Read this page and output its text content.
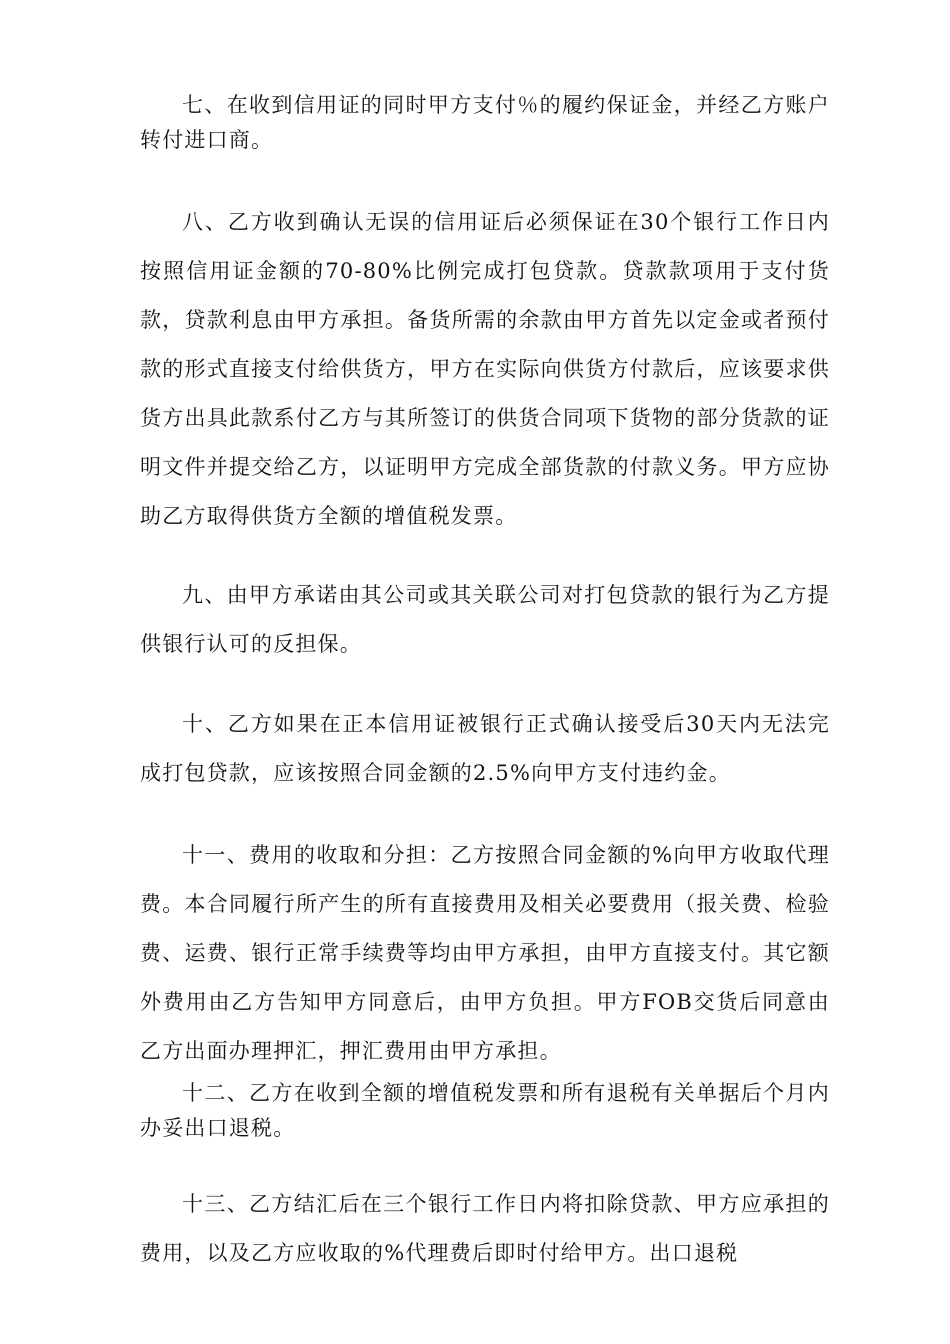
七、在收到信用证的同时甲方支付％的履约保证金，并经乙方账户转付进口商。

八、乙方收到确认无误的信用证后必须保证在30个银行工作日内按照信用证金额的70-80%比例完成打包贷款。贷款款项用于支付货款，贷款利息由甲方承担。备货所需的余款由甲方首先以定金或者预付款的形式直接支付给供货方，甲方在实际向供货方付款后，应该要求供货方出具此款系付乙方与其所签订的供货合同项下货物的部分货款的证明文件并提交给乙方，以证明甲方完成全部货款的付款义务。甲方应协助乙方取得供货方全额的增值税发票。

九、由甲方承诺由其公司或其关联公司对打包贷款的银行为乙方提供银行认可的反担保。

十、乙方如果在正本信用证被银行正式确认接受后30天内无法完成打包贷款，应该按照合同金额的2.5%向甲方支付违约金。

十一、费用的收取和分担：乙方按照合同金额的%向甲方收取代理费。本合同履行所产生的所有直接费用及相关必要费用（报关费、检验费、运费、银行正常手续费等均由甲方承担，由甲方直接支付。其它额外费用由乙方告知甲方同意后，由甲方负担。甲方FOB交货后同意由乙方出面办理押汇，押汇费用由甲方承担。

十二、乙方在收到全额的增值税发票和所有退税有关单据后个月内办妥出口退税。

十三、乙方结汇后在三个银行工作日内将扣除贷款、甲方应承担的费用，以及乙方应收取的%代理费后即时付给甲方。出口退税
